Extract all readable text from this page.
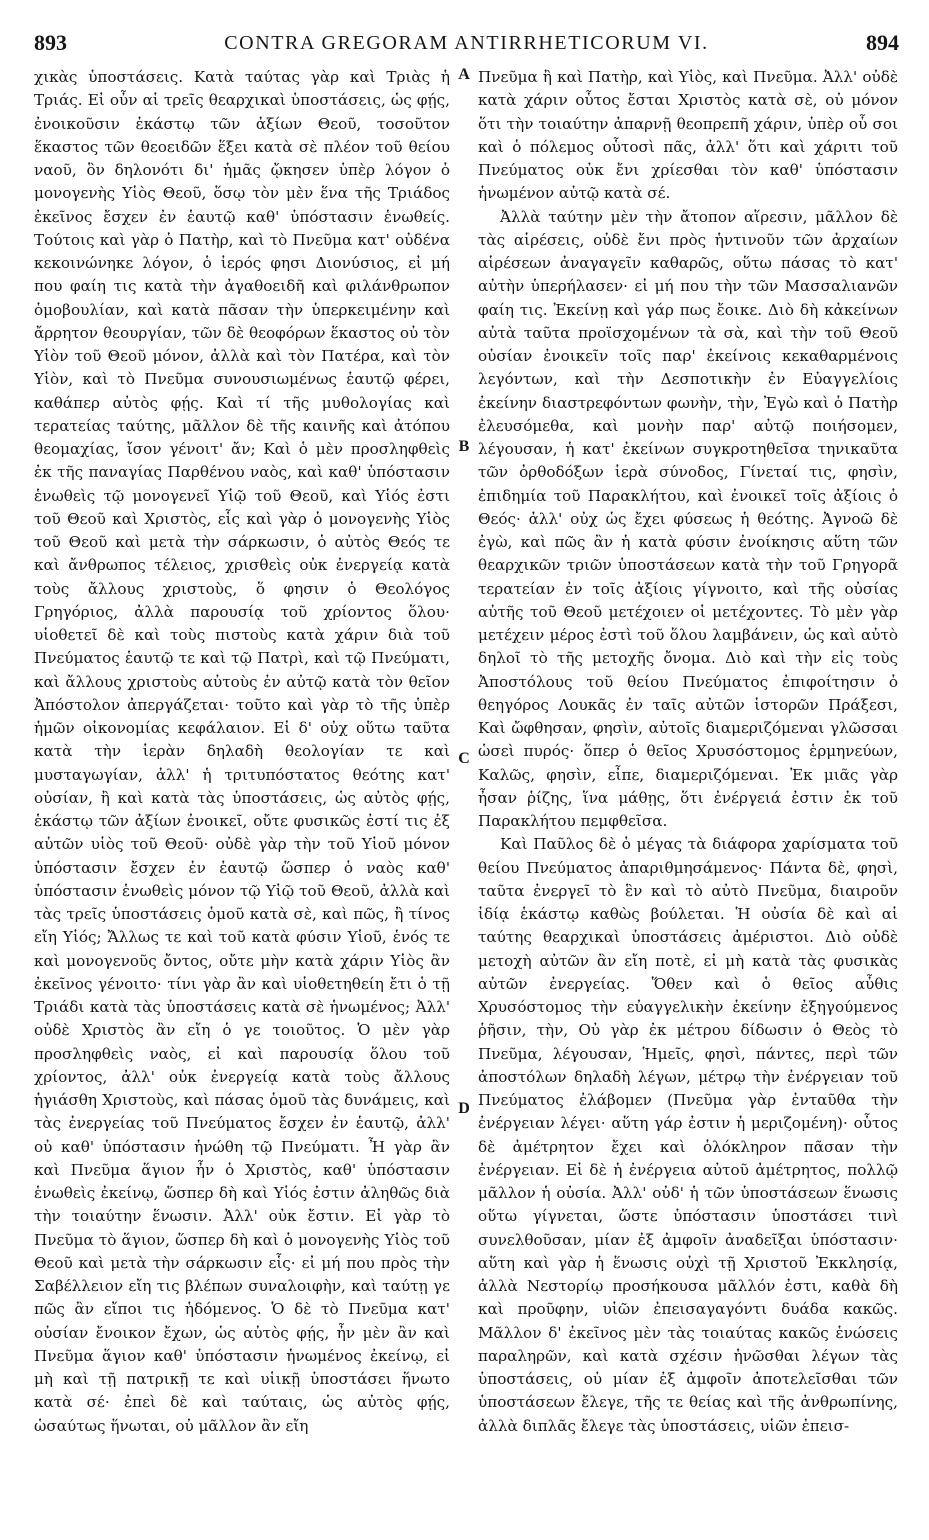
893	CONTRA GREGORAM ANTIRRHETICORUM VI.	894

χικὰς ὑποστάσεις. Κατὰ ταύτας γὰρ καὶ Τριὰς ἡ Τριάς. Εἰ οὖν αἱ τρεῖς θεαρχικαὶ ὑποστάσεις, ὡς φῄς, ἐνοικοῦσιν ἑκάστῳ τῶν ἀξίων Θεοῦ, τοσοῦτον ἕκαστος τῶν θεοειδῶν ἕξει κατὰ σὲ πλέον τοῦ θείου ναοῦ, ὃν δηλονότι δι' ἡμᾶς ᾤκησεν ὑπὲρ λόγον ὁ μονογενὴς Υἱὸς Θεοῦ, ὅσῳ τὸν μὲν ἕνα τῆς Τριάδος ἐκεῖνος ἔσχεν ἐν ἑαυτῷ καθ' ὑπόστασιν ἑνωθείς. Τούτοις καὶ γὰρ ὁ Πατὴρ, καὶ τὸ Πνεῦμα κατ' οὐδένα κεκοινώνηκε λόγον, ὁ ἱερός φησι Διονύσιος, εἰ μή που φαίη τις κατὰ τὴν ἀγαθοειδῆ καὶ φιλάνθρωπον ὁμοβουλίαν, καὶ κατὰ πᾶσαν τὴν ὑπερκειμένην καὶ ἄρρητον θεουργίαν, τῶν δὲ θεοφόρων ἕκαστος οὐ τὸν Υἱὸν τοῦ Θεοῦ μόνον, ἀλλὰ καὶ τὸν Πατέρα, καὶ τὸν Υἱὸν, καὶ τὸ Πνεῦμα συνουσιωμένως ἑαυτῷ φέρει, καθάπερ αὐτὸς φῄς. Καὶ τί τῆς μυθολογίας καὶ τερατείας ταύτης, μᾶλλον δὲ τῆς καινῆς καὶ ἀτόπου θεομαχίας, ἴσον γένοιτ' ἄν; Καὶ ὁ μὲν προσληφθεὶς ἐκ τῆς παναγίας Παρθένου ναὸς, καὶ καθ' ὑπόστασιν ἑνωθεὶς τῷ μονογενεῖ Υἱῷ τοῦ Θεοῦ, καὶ Υἱός ἐστι τοῦ Θεοῦ καὶ Χριστὸς, εἷς καὶ γὰρ ὁ μονογενὴς Υἱὸς τοῦ Θεοῦ καὶ μετὰ τὴν σάρκωσιν, ὁ αὐτὸς Θεός τε καὶ ἄνθρωπος τέλειος, χρισθεὶς οὐκ ἐνεργείᾳ κατὰ τοὺς ἄλλους χριστοὺς, ὅ φησιν ὁ Θεολόγος Γρηγόριος, ἀλλὰ παρουσίᾳ τοῦ χρίοντος ὅλου· υἱοθετεῖ δὲ καὶ τοὺς πιστοὺς κατὰ χάριν διὰ τοῦ Πνεύματος ἑαυτῷ τε καὶ τῷ Πατρὶ, καὶ τῷ Πνεύματι, καὶ ἄλλους χριστοὺς αὐτοὺς ἐν αὐτῷ κατὰ τὸν θεῖον Ἀπόστολον ἀπεργάζεται· τοῦτο καὶ γὰρ τὸ τῆς ὑπὲρ ἡμῶν οἰκονομίας κεφάλαιον. Εἰ δ' οὐχ οὕτω ταῦτα κατὰ τὴν ἱερὰν δηλαδὴ θεολογίαν τε καὶ μυσταγωγίαν, ἀλλ' ἡ τριτυπόστατος θεότης κατ' οὐσίαν, ἢ καὶ κατὰ τὰς ὑποστάσεις, ὡς αὐτὸς φῄς, ἑκάστῳ τῶν ἀξίων ἐνοικεῖ, οὔτε φυσικῶς ἐστί τις ἐξ αὐτῶν υἱὸς τοῦ Θεοῦ· οὐδὲ γὰρ τὴν τοῦ Υἱοῦ μόνον ὑπόστασιν ἔσχεν ἐν ἑαυτῷ ὥσπερ ὁ ναὸς καθ' ὑπόστασιν ἑνωθεὶς μόνον τῷ Υἱῷ τοῦ Θεοῦ, ἀλλὰ καὶ τὰς τρεῖς ὑποστάσεις ὁμοῦ κατὰ σὲ, καὶ πῶς, ἢ τίνος εἴη Υἱός; Ἄλλως τε καὶ τοῦ κατὰ φύσιν Υἱοῦ, ἑνός τε καὶ μονογενοῦς ὄντος, οὔτε μὴν κατὰ χάριν Υἱὸς ἂν ἐκεῖνος γένοιτο· τίνι γὰρ ἂν καὶ υἱοθετηθείη ἔτι ὁ τῇ Τριάδι κατὰ τὰς ὑποστάσεις κατὰ σὲ ἡνωμένος; Ἀλλ' οὐδὲ Χριστὸς ἂν εἴη ὁ γε τοιοῦτος. Ὁ μὲν γὰρ προσληφθεὶς ναὸς, εἰ καὶ παρουσίᾳ ὅλου τοῦ χρίοντος, ἀλλ' οὐκ ἐνεργείᾳ κατὰ τοὺς ἄλλους ἡγιάσθη Χριστοὺς, καὶ πάσας ὁμοῦ τὰς δυνάμεις, καὶ τὰς ἐνεργείας τοῦ Πνεύματος ἔσχεν ἐν ἑαυτῷ, ἀλλ' οὐ καθ' ὑπόστασιν ἡνώθη τῷ Πνεύματι. Ἦ γὰρ ἂν καὶ Πνεῦμα ἅγιον ἦν ὁ Χριστὸς, καθ' ὑπόστασιν ἑνωθεὶς ἐκείνῳ, ὥσπερ δὴ καὶ Υἱός ἐστιν ἀληθῶς διὰ τὴν τοιαύτην ἕνωσιν. Ἀλλ' οὐκ ἔστιν. Εἰ γὰρ τὸ Πνεῦμα τὸ ἅγιον, ὥσπερ δὴ καὶ ὁ μονογενὴς Υἱὸς τοῦ Θεοῦ καὶ μετὰ τὴν σάρκωσιν εἷς· εἰ μή που πρὸς τὴν Σαβέλλειον εἴη τις βλέπων συναλοιφὴν, καὶ ταύτῃ γε πῶς ἂν εἴποι τις ἡδόμενος. Ὁ δὲ τὸ Πνεῦμα κατ' οὐσίαν ἔνοικον ἔχων, ὡς αὐτὸς φῄς, ἦν μὲν ἂν καὶ Πνεῦμα ἅγιον καθ' ὑπόστασιν ἡνωμένος ἐκείνῳ, εἰ μὴ καὶ τῇ πατρικῇ τε καὶ υἱικῇ ὑποστάσει ἥνωτο κατὰ σέ· ἐπεὶ δὲ καὶ ταύταις, ὡς αὐτὸς φῄς, ὡσαύτως ἥνωται, οὐ μᾶλλον ἂν εἴη

A
B
C
D

Πνεῦμα ἢ καὶ Πατὴρ, καὶ Υἱὸς, καὶ Πνεῦμα. Ἀλλ' οὐδὲ κατὰ χάριν οὗτος ἔσται Χριστὸς κατὰ σὲ, οὐ μόνον ὅτι τὴν τοιαύτην ἀπαρνῇ θεοπρεπῆ χάριν, ὑπὲρ οὗ σοι καὶ ὁ πόλεμος οὗτοσὶ πᾶς, ἀλλ' ὅτι καὶ χάριτι τοῦ Πνεύματος οὐκ ἔνι χρίεσθαι τὸν καθ' ὑπόστασιν ἡνωμένον αὐτῷ κατὰ σέ.

Ἀλλὰ ταύτην μὲν τὴν ἄτοπον αἵρεσιν, μᾶλλον δὲ τὰς αἱρέσεις, οὐδὲ ἔνι πρὸς ἡντινοῦν τῶν ἀρχαίων αἱρέσεων ἀναγαγεῖν καθαρῶς, οὕτω πάσας τὸ κατ' αὐτὴν ὑπερήλασεν· εἰ μή που τὴν τῶν Μασσαλιανῶν φαίη τις. Ἐκείνῃ καὶ γάρ πως ἔοικε. Διὸ δὴ κἀκείνων αὐτὰ ταῦτα προϊσχομένων τὰ σὰ, καὶ τὴν τοῦ Θεοῦ οὐσίαν ἐνοικεῖν τοῖς παρ' ἐκείνοις κεκαθαρμένοις λεγόντων, καὶ τὴν Δεσποτικὴν ἐν Εὐαγγελίοις ἐκείνην διαστρεφόντων φωνὴν, τὴν, Ἐγὼ καὶ ὁ Πατὴρ ἐλευσόμεθα, καὶ μονὴν παρ' αὐτῷ ποιήσομεν, λέγουσαν, ἡ κατ' ἐκείνων συγκροτηθεῖσα τηνικαῦτα τῶν ὀρθοδόξων ἱερὰ σύνοδος, Γίνεταί τις, φησὶν, ἐπιδημία τοῦ Παρακλήτου, καὶ ἐνοικεῖ τοῖς ἀξίοις ὁ Θεός· ἀλλ' οὐχ ὡς ἔχει φύσεως ἡ θεότης. Ἀγνοῶ δὲ ἐγὼ, καὶ πῶς ἂν ἡ κατὰ φύσιν ἐνοίκησις αὕτη τῶν θεαρχικῶν τριῶν ὑποστάσεων κατὰ τὴν τοῦ Γρηγορᾶ τερατείαν ἐν τοῖς ἀξίοις γίγνοιτο, καὶ τῆς οὐσίας αὐτῆς τοῦ Θεοῦ μετέχοιεν οἱ μετέχοντες. Τὸ μὲν γὰρ μετέχειν μέρος ἐστὶ τοῦ ὅλου λαμβάνειν, ὡς καὶ αὐτὸ δηλοῖ τὸ τῆς μετοχῆς ὄνομα. Διὸ καὶ τὴν εἰς τοὺς Ἀποστόλους τοῦ θείου Πνεύματος ἐπιφοίτησιν ὁ θεηγόρος Λουκᾶς ἐν ταῖς αὐτῶν ἱστορῶν Πράξεσι, Καὶ ὤφθησαν, φησὶν, αὐτοῖς διαμεριζόμεναι γλῶσσαι ὡσεὶ πυρός· ὅπερ ὁ θεῖος Χρυσόστομος ἑρμηνεύων, Καλῶς, φησὶν, εἶπε, διαμεριζόμεναι. Ἐκ μιᾶς γὰρ ἦσαν ῥίζης, ἵνα μάθῃς, ὅτι ἐνέργειά ἐστιν ἐκ τοῦ Παρακλήτου πεμφθεῖσα.

Καὶ Παῦλος δὲ ὁ μέγας τὰ διάφορα χαρίσματα τοῦ θείου Πνεύματος ἀπαριθμησάμενος· Πάντα δὲ, φησὶ, ταῦτα ἐνεργεῖ τὸ ἓν καὶ τὸ αὐτὸ Πνεῦμα, διαιροῦν ἰδίᾳ ἑκάστῳ καθὼς βούλεται. Ἡ οὐσία δὲ καὶ αἱ ταύτης θεαρχικαὶ ὑποστάσεις ἀμέριστοι. Διὸ οὐδὲ μετοχὴ αὐτῶν ἂν εἴη ποτὲ, εἰ μὴ κατὰ τὰς φυσικὰς αὐτῶν ἐνεργείας. Ὅθεν καὶ ὁ θεῖος αὖθις Χρυσόστομος τὴν εὐαγγελικὴν ἐκείνην ἐξηγούμενος ῥῆσιν, τὴν, Οὐ γὰρ ἐκ μέτρου δίδωσιν ὁ Θεὸς τὸ Πνεῦμα, λέγουσαν, Ἡμεῖς, φησὶ, πάντες, περὶ τῶν ἀποστόλων δηλαδὴ λέγων, μέτρῳ τὴν ἐνέργειαν τοῦ Πνεύματος ἐλάβομεν (Πνεῦμα γὰρ ἐνταῦθα τὴν ἐνέργειαν λέγει· αὕτη γάρ ἐστιν ἡ μεριζομένη)· οὗτος δὲ ἀμέτρητον ἔχει καὶ ὁλόκληρον πᾶσαν τὴν ἐνέργειαν. Εἰ δὲ ἡ ἐνέργεια αὐτοῦ ἀμέτρητος, πολλῷ μᾶλλον ἡ οὐσία. Ἀλλ' οὐδ' ἡ τῶν ὑποστάσεων ἕνωσις οὕτω γίγνεται, ὥστε ὑπόστασιν ὑποστάσει τινὶ συνελθοῦσαν, μίαν ἐξ ἀμφοῖν ἀναδεῖξαι ὑπόστασιν· αὕτη καὶ γὰρ ἡ ἕνωσις οὐχὶ τῇ Χριστοῦ Ἐκκλησίᾳ, ἀλλὰ Νεστορίῳ προσήκουσα μᾶλλόν ἐστι, καθὰ δὴ καὶ προῦφην, υἱῶν ἐπεισαγαγόντι δυάδα κακῶς. Μᾶλλον δ' ἐκεῖνος μὲν τὰς τοιαύτας κακῶς ἑνώσεις παραληρῶν, καὶ κατὰ σχέσιν ἡνῶσθαι λέγων τὰς ὑποστάσεις, οὐ μίαν ἐξ ἀμφοῖν ἀποτελεῖσθαι τῶν ὑποστάσεων ἔλεγε, τῆς τε θείας καὶ τῆς ἀνθρωπίνης, ἀλλὰ διπλᾶς ἔλεγε τὰς ὑποστάσεις, υἱῶν ἐπεισ-
